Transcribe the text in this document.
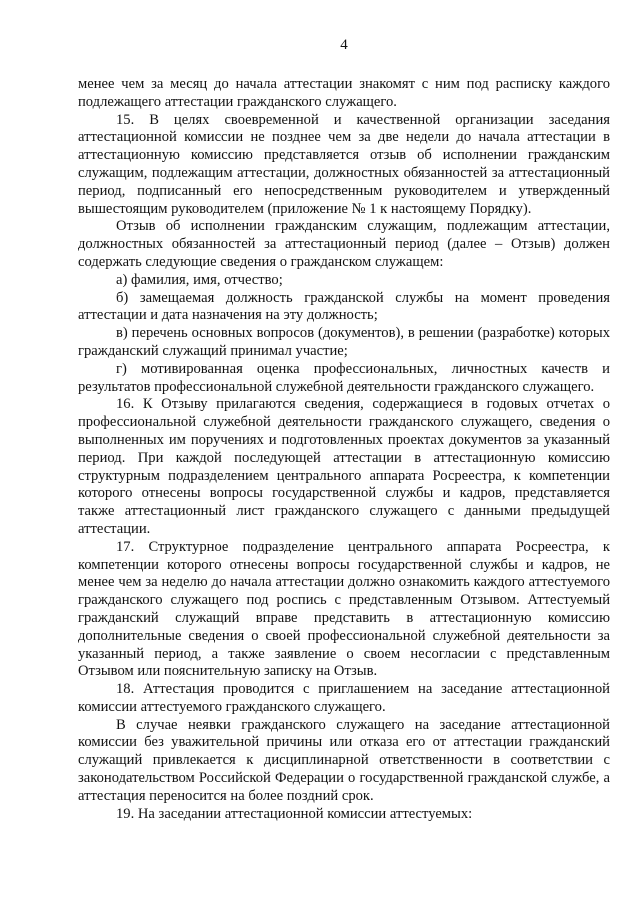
4

менее чем за месяц до начала аттестации знакомят с ним под расписку каждого подлежащего аттестации гражданского служащего.

15. В целях своевременной и качественной организации заседания аттестационной комиссии не позднее чем за две недели до начала аттестации в аттестационную комиссию представляется отзыв об исполнении гражданским служащим, подлежащим аттестации, должностных обязанностей за аттестационный период, подписанный его непосредственным руководителем и утвержденный вышестоящим руководителем (приложение № 1 к настоящему Порядку).

Отзыв об исполнении гражданским служащим, подлежащим аттестации, должностных обязанностей за аттестационный период (далее – Отзыв) должен содержать следующие сведения о гражданском служащем:

а) фамилия, имя, отчество;

б) замещаемая должность гражданской службы на момент проведения аттестации и дата назначения на эту должность;

в) перечень основных вопросов (документов), в решении (разработке) которых гражданский служащий принимал участие;

г) мотивированная оценка профессиональных, личностных качеств и результатов профессиональной служебной деятельности гражданского служащего.

16. К Отзыву прилагаются сведения, содержащиеся в годовых отчетах о профессиональной служебной деятельности гражданского служащего, сведения о выполненных им поручениях и подготовленных проектах документов за указанный период. При каждой последующей аттестации в аттестационную комиссию структурным подразделением центрального аппарата Росреестра, к компетенции которого отнесены вопросы государственной службы и кадров, представляется также аттестационный лист гражданского служащего с данными предыдущей аттестации.

17. Структурное подразделение центрального аппарата Росреестра, к компетенции которого отнесены вопросы государственной службы и кадров, не менее чем за неделю до начала аттестации должно ознакомить каждого аттестуемого гражданского служащего под роспись с представленным Отзывом. Аттестуемый гражданский служащий вправе представить в аттестационную комиссию дополнительные сведения о своей профессиональной служебной деятельности за указанный период, а также заявление о своем несогласии с представленным Отзывом или пояснительную записку на Отзыв.

18. Аттестация проводится с приглашением на заседание аттестационной комиссии аттестуемого гражданского служащего.

В случае неявки гражданского служащего на заседание аттестационной комиссии без уважительной причины или отказа его от аттестации гражданский служащий привлекается к дисциплинарной ответственности в соответствии с законодательством Российской Федерации о государственной гражданской службе, а аттестация переносится на более поздний срок.

19. На заседании аттестационной комиссии аттестуемых:
